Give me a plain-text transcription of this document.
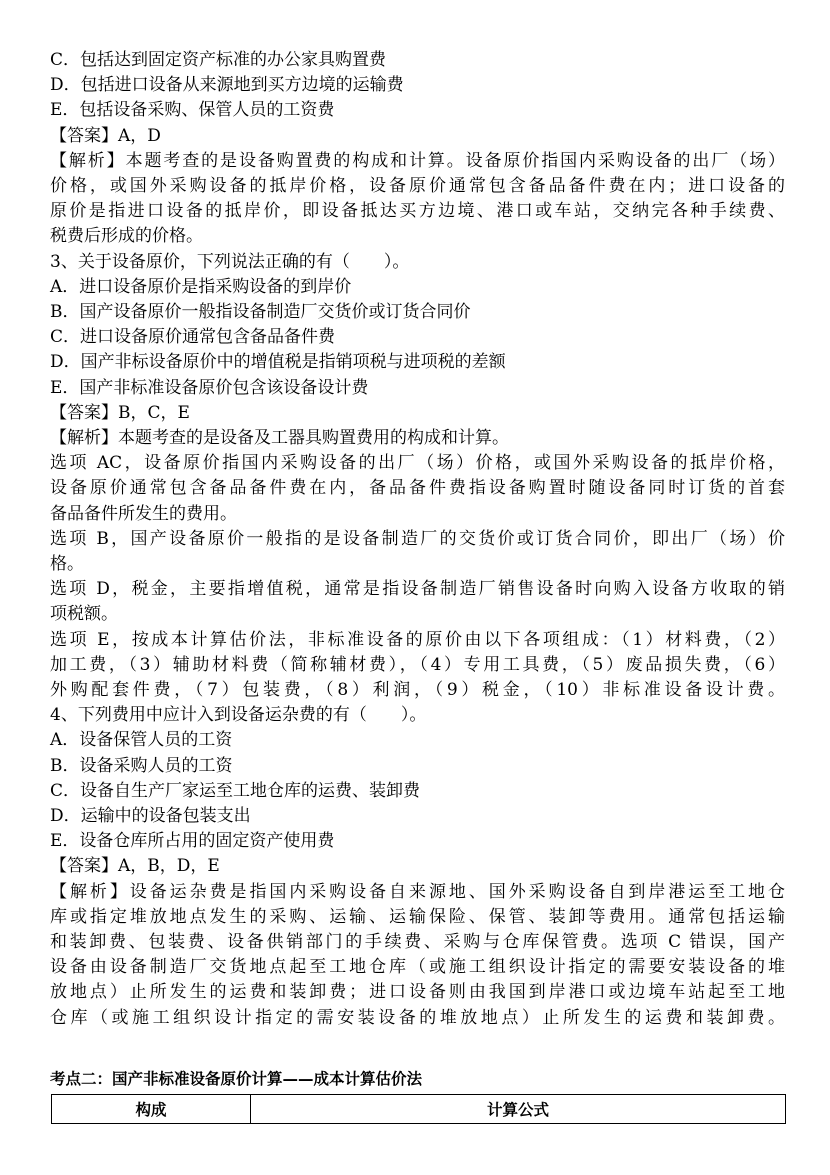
C．包括达到固定资产标准的办公家具购置费
D．包括进口设备从来源地到买方边境的运输费
E．包括设备采购、保管人员的工资费
【答案】A，D
【解析】本题考查的是设备购置费的构成和计算。设备原价指国内采购设备的出厂（场）
价格，或国外采购设备的抵岸价格，设备原价通常包含备品备件费在内；进口设备的
原价是指进口设备的抵岸价，即设备抵达买方边境、港口或车站，交纳完各种手续费、
税费后形成的价格。
3、关于设备原价，下列说法正确的有（　　）。
A．进口设备原价是指采购设备的到岸价
B．国产设备原价一般指设备制造厂交货价或订货合同价
C．进口设备原价通常包含备品备件费
D．国产非标设备原价中的增值税是指销项税与进项税的差额
E．国产非标准设备原价包含该设备设计费
【答案】B，C，E
【解析】本题考查的是设备及工器具购置费用的构成和计算。
选项 AC，设备原价指国内采购设备的出厂（场）价格，或国外采购设备的抵岸价格，
设备原价通常包含备品备件费在内，备品备件费指设备购置时随设备同时订货的首套
备品备件所发生的费用。
选项 B，国产设备原价一般指的是设备制造厂的交货价或订货合同价，即出厂（场）价
格。
选项 D，税金，主要指增值税，通常是指设备制造厂销售设备时向购入设备方收取的销
项税额。
选项 E，按成本计算估价法，非标准设备的原价由以下各项组成：（1）材料费，（2）
加工费，（3）辅助材料费（简称辅材费），（4）专用工具费，（5）废品损失费，（6）
外购配套件费，（7）包装费，（8）利润，（9）税金，（10）非标准设备设计费。
4、下列费用中应计入到设备运杂费的有（　　）。
A．设备保管人员的工资
B．设备采购人员的工资
C．设备自生产厂家运至工地仓库的运费、装卸费
D．运输中的设备包装支出
E．设备仓库所占用的固定资产使用费
【答案】A，B，D，E
【解析】设备运杂费是指国内采购设备自来源地、国外采购设备自到岸港运至工地仓
库或指定堆放地点发生的采购、运输、运输保险、保管、装卸等费用。通常包括运输
和装卸费、包装费、设备供销部门的手续费、采购与仓库保管费。选项 C 错误，国产
设备由设备制造厂交货地点起至工地仓库（或施工组织设计指定的需要安装设备的堆
放地点）止所发生的运费和装卸费；进口设备则由我国到岸港口或边境车站起至工地
仓库（或施工组织设计指定的需安装设备的堆放地点）止所发生的运费和装卸费。
考点二：国产非标准设备原价计算——成本计算估价法
构成	计算公式
